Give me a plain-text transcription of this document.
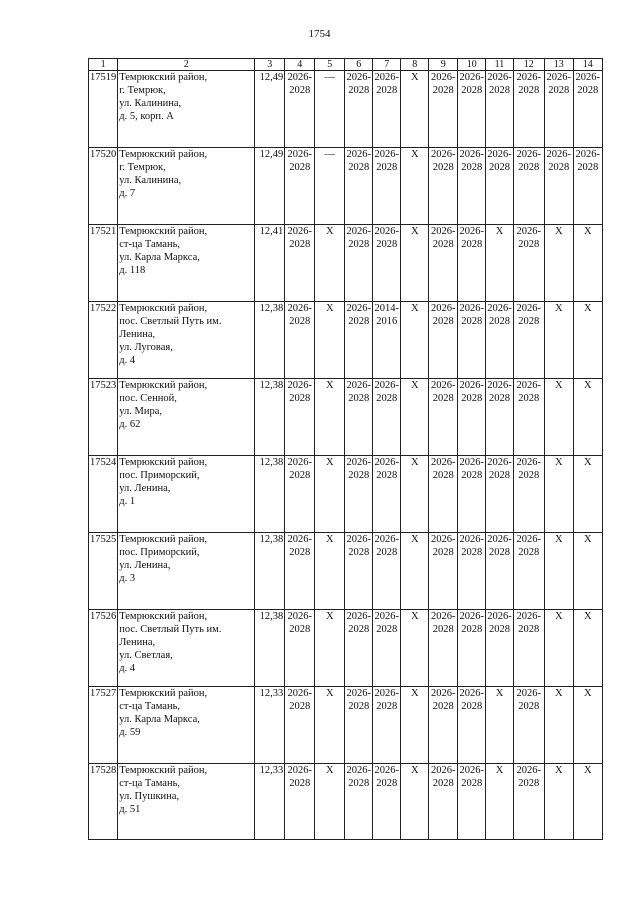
1754
1	2	3	4	5	6	7	8	9	10	11	12	13	14
17519	Темрюкский район,
г. Темрюк,
ул. Калинина,
д. 5, корп. А	12,49	2026-
2028	—	2026-
2028	2026-
2028	Х	2026-
2028	2026-
2028	2026-
2028	2026-
2028	2026-
2028	2026-
2028
17520	Темрюкский район,
г. Темрюк,
ул. Калинина,
д. 7	12,49	2026-
2028	—	2026-
2028	2026-
2028	Х	2026-
2028	2026-
2028	2026-
2028	2026-
2028	2026-
2028	2026-
2028
17521	Темрюкский район,
ст-ца Тамань,
ул. Карла Маркса,
д. 118	12,41	2026-
2028	Х	2026-
2028	2026-
2028	Х	2026-
2028	2026-
2028	Х	2026-
2028	Х	Х
17522	Темрюкский район,
пос. Светлый Путь им.
Ленина,
ул. Луговая,
д. 4	12,38	2026-
2028	Х	2026-
2028	2014-
2016	Х	2026-
2028	2026-
2028	2026-
2028	2026-
2028	Х	Х
17523	Темрюкский район,
пос. Сенной,
ул. Мира,
д. 62	12,38	2026-
2028	Х	2026-
2028	2026-
2028	Х	2026-
2028	2026-
2028	2026-
2028	2026-
2028	Х	Х
17524	Темрюкский район,
пос. Приморский,
ул. Ленина,
д. 1	12,38	2026-
2028	Х	2026-
2028	2026-
2028	Х	2026-
2028	2026-
2028	2026-
2028	2026-
2028	Х	Х
17525	Темрюкский район,
пос. Приморский,
ул. Ленина,
д. 3	12,38	2026-
2028	Х	2026-
2028	2026-
2028	Х	2026-
2028	2026-
2028	2026-
2028	2026-
2028	Х	Х
17526	Темрюкский район,
пос. Светлый Путь им.
Ленина,
ул. Светлая,
д. 4	12,38	2026-
2028	Х	2026-
2028	2026-
2028	Х	2026-
2028	2026-
2028	2026-
2028	2026-
2028	Х	Х
17527	Темрюкский район,
ст-ца Тамань,
ул. Карла Маркса,
д. 59	12,33	2026-
2028	Х	2026-
2028	2026-
2028	Х	2026-
2028	2026-
2028	Х	2026-
2028	Х	Х
17528	Темрюкский район,
ст-ца Тамань,
ул. Пушкина,
д. 51	12,33	2026-
2028	Х	2026-
2028	2026-
2028	Х	2026-
2028	2026-
2028	Х	2026-
2028	Х	Х
